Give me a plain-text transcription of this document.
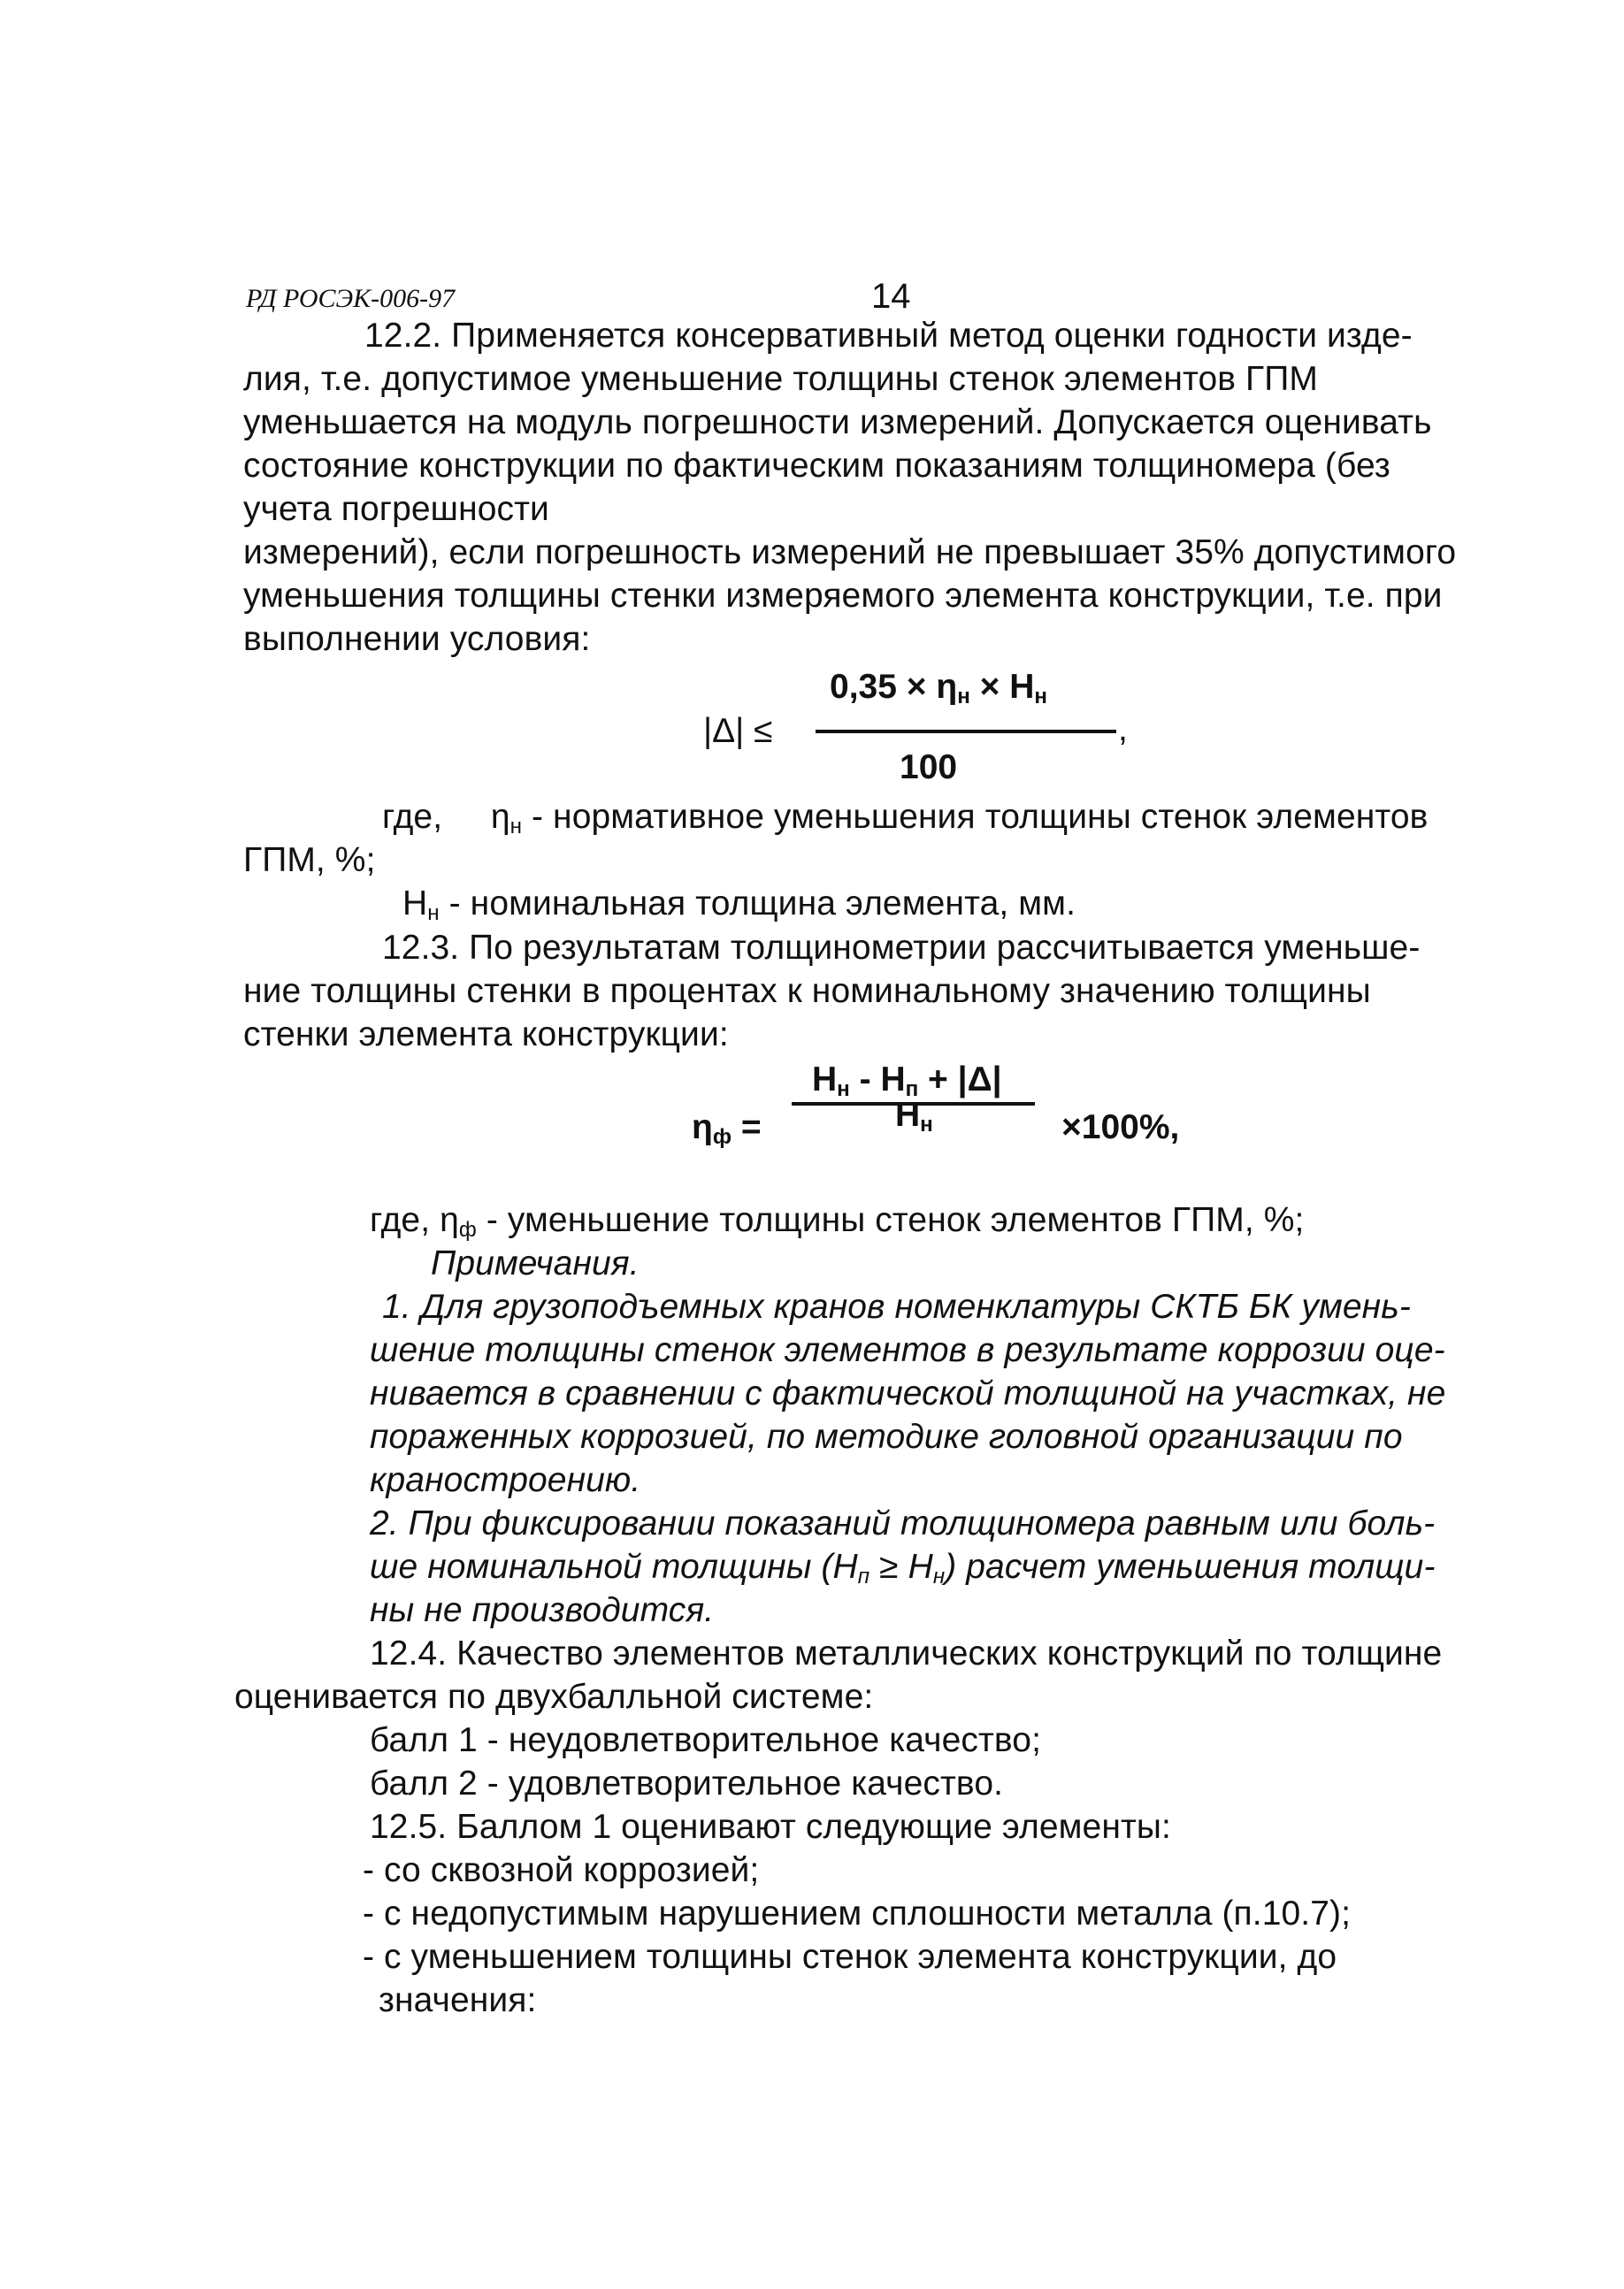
РД РОСЭК-006-97	14
12.2. Применяется консервативный метод оценки годности изде-
лия, т.е. допустимое уменьшение толщины стенок элементов ГПМ
уменьшается на модуль погрешности измерений. Допускается оценивать
состояние конструкции по фактическим показаниям толщиномера (без
учета погрешности
измерений), если погрешность измерений не превышает 35% допустимого
уменьшения толщины стенки измеряемого элемента конструкции, т.е. при
выполнении условия:
$0,35 \times \eta_н \times H_н$
|Δ| ≤	,
100
где, $\eta_н$ - нормативное уменьшения толщины стенок элементов
ГПМ, %;
$H_н$ - номинальная толщина элемента, мм.
12.3. По результатам толщинометрии рассчитывается уменьше-
ние толщины стенки в процентах к номинальному значению толщины
стенки элемента конструкции:
$H_н - H_п + |\Delta|$
$\eta_ф$ =	$H_н$	×100%,
где, $\eta_ф$ - уменьшение толщины стенок элементов ГПМ, %;
Примечания.
1. Для грузоподъемных кранов номенклатуры СКТБ БК умень-
шение толщины стенок элементов в результате коррозии оце-
нивается в сравнении с фактической толщиной на участках, не
пораженных коррозией, по методике головной организации по
краностроению.
2. При фиксировании показаний толщиномера равным или боль-
ше номинальной толщины $(Н_п \ge Н_н)$ расчет уменьшения толщи-
ны не производится.
12.4. Качество элементов металлических конструкций по толщине
оценивается по двухбалльной системе:
балл 1 - неудовлетворительное качество;
балл 2 - удовлетворительное качество.
12.5. Баллом 1 оценивают следующие элементы:
- со сквозной коррозией;
- с недопустимым нарушением сплошности металла (п.10.7);
- с уменьшением толщины стенок элемента конструкции, до
значения:
